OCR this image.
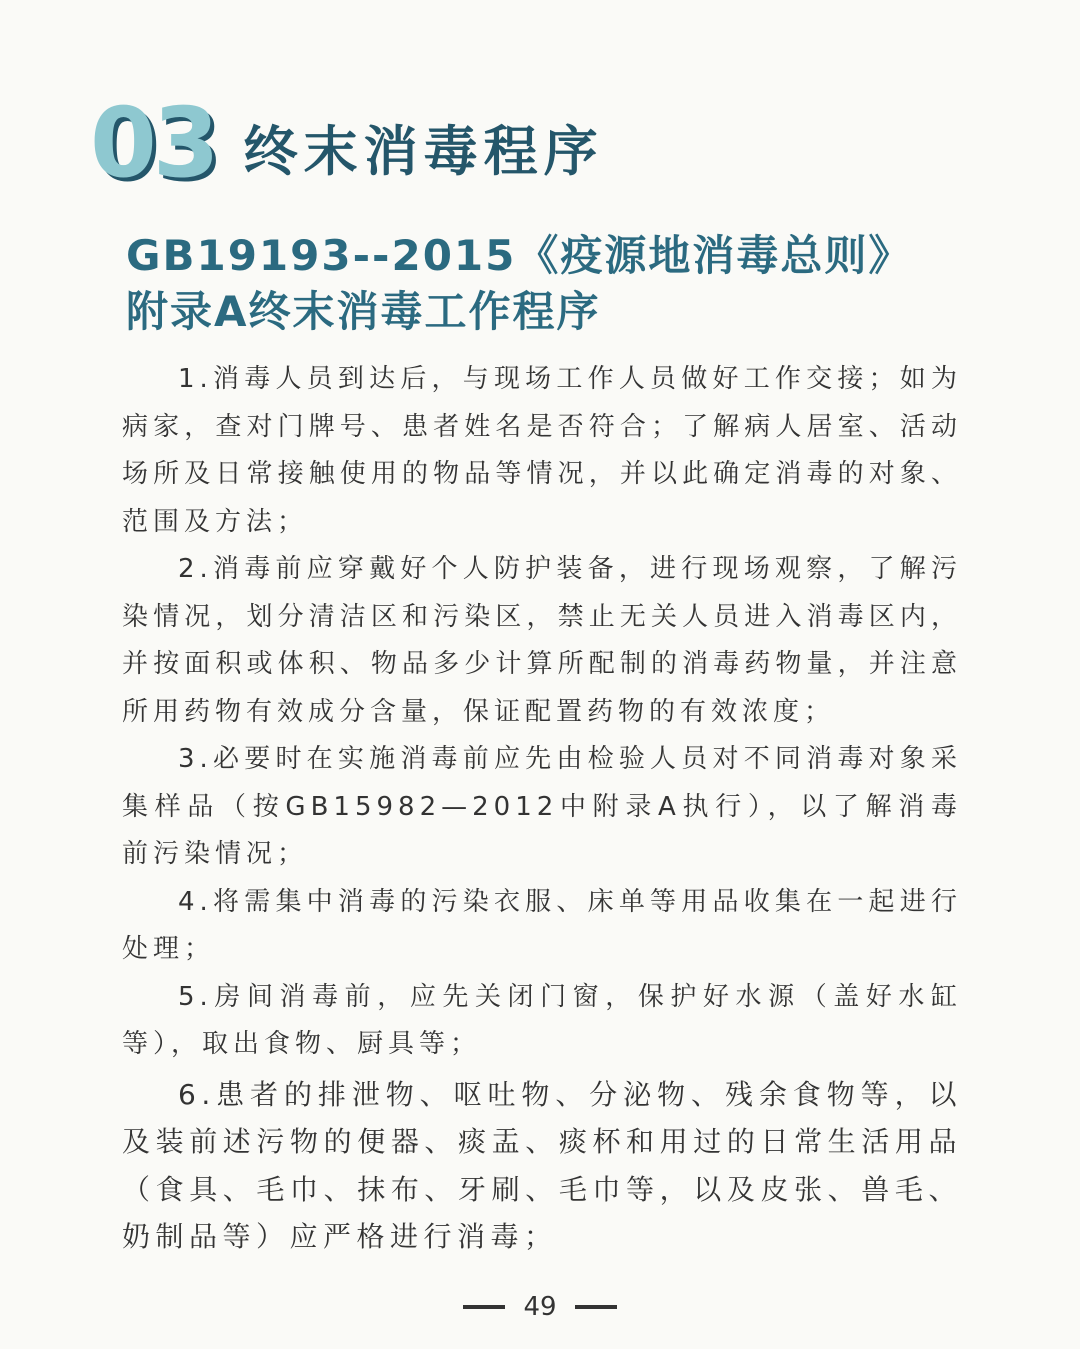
03 终末消毒程序
GB19193--2015《疫源地消毒总则》
附录A终末消毒工作程序

1.消毒人员到达后，与现场工作人员做好工作交接；如为病家，查对门牌号、患者姓名是否符合；了解病人居室、活动场所及日常接触使用的物品等情况，并以此确定消毒的对象、范围及方法；

2.消毒前应穿戴好个人防护装备，进行现场观察，了解污染情况，划分清洁区和污染区，禁止无关人员进入消毒区内，并按面积或体积、物品多少计算所配制的消毒药物量，并注意所用药物有效成分含量，保证配置药物的有效浓度；

3.必要时在实施消毒前应先由检验人员对不同消毒对象采集样品（按GB15982—2012中附录A执行），以了解消毒前污染情况；

4.将需集中消毒的污染衣服、床单等用品收集在一起进行处理；

5.房间消毒前，应先关闭门窗，保护好水源（盖好水缸等），取出食物、厨具等；

6.患者的排泄物、呕吐物、分泌物、残余食物等，以及装前述污物的便器、痰盂、痰杯和用过的日常生活用品（食具、毛巾、抹布、牙刷、毛巾等，以及皮张、兽毛、奶制品等）应严格进行消毒；

49
